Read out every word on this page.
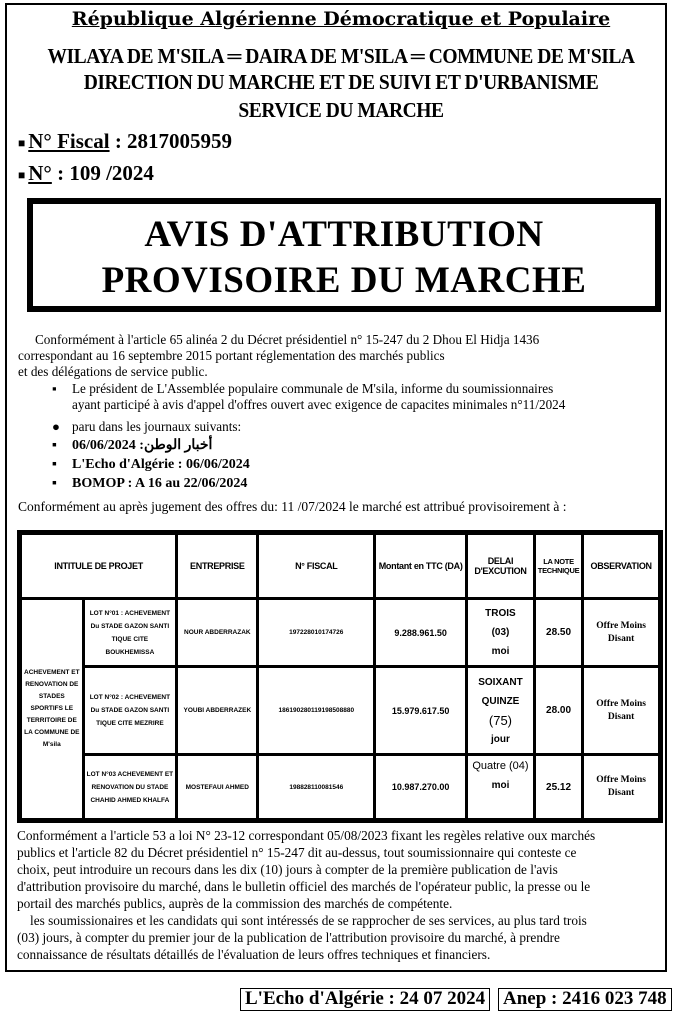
République Algérienne Démocratique et Populaire
WILAYA DE M'SILA ═ DAIRA DE M'SILA ═ COMMUNE DE M'SILA
DIRECTION DU MARCHE ET DE SUIVI ET D'URBANISME
SERVICE DU MARCHE
■ N° Fiscal : 2817005959
■ N° : 109 /2024
AVIS D'ATTRIBUTION
PROVISOIRE DU MARCHE
Conformément à l'article 65 alinéa 2 du Décret présidentiel n° 15-247 du 2 Dhou El Hidja 1436
correspondant au 16 septembre 2015 portant réglementation des marchés publics
et des délégations de service public.
▪ Le président de L'Assemblée populaire communale de M'sila, informe du soumissionnaires
ayant participé à avis d'appel d'offres ouvert avec exigence de capacites minimales n°11/2024
● paru dans les journaux suivants:
▪	أخبار الوطن: 06/06/2024
▪ L'Echo d'Algérie : 06/06/2024
▪ BOMOP : A 16 au 22/06/2024
Conformément au après jugement des offres du: 11 /07/2024 le marché est attribué provisoirement à :
INTITULE DE PROJET		ENTREPRISE	N° FISCAL	Montant en TTC (DA)	DELAI D'EXCUTION	LA NOTE TECHNIQUE	OBSERVATION
ACHEVEMENT ET RENOVATION DE STADES SPORTIFS LE TERRITOIRE DE LA COMMUNE DE M'sila	LOT N°01 : ACHEVEMENT Du STADE GAZON SANTI TIQUE CITE BOUKHEMISSA	NOUR ABDERRAZAK	197228010174726	9.288.961.50	TROIS
(03)
moi	28.50	Offre Moins Disant
	LOT N°02 : ACHEVEMENT Du STADE GAZON SANTI TIQUE CITE MEZRIRE	YOUBI ABDERRAZEK	186190280119198508880	15.979.617.50	SOIXANT
QUINZE
(75)
jour	28.00	Offre Moins Disant
	LOT N°03 ACHEVEMENT ET RENOVATION DU STADE CHAHID AHMED KHALFA	MOSTEFAUI AHMED	198828110081546	10.987.270.00	Quatre (04)
moi	25.12	Offre Moins Disant
Conformément a l'article 53 a loi N° 23-12 correspondant 05/08/2023 fixant les regèles relative oux marchés
publics et l'article 82 du Décret présidentiel n° 15-247 dit au-dessus, tout soumissionnaire qui conteste ce
choix, peut introduire un recours dans les dix (10) jours à compter de la première publication de l'avis
d'attribution provisoire du marché, dans le bulletin officiel des marchés de l'opérateur public, la presse ou le
portail des marchés publics, auprès de la commission des marchés de compétente.
les soumissionaires et les candidats qui sont intéressés de se rapprocher de ses services, au plus tard trois
(03) jours, à compter du premier jour de la publication de l'attribution provisoire du marché, à prendre
connaissance de résultats détaillés de l'évaluation de leurs offres techniques et financiers.
L'Echo d'Algérie : 24 07 2024 Anep : 2416 023 748
